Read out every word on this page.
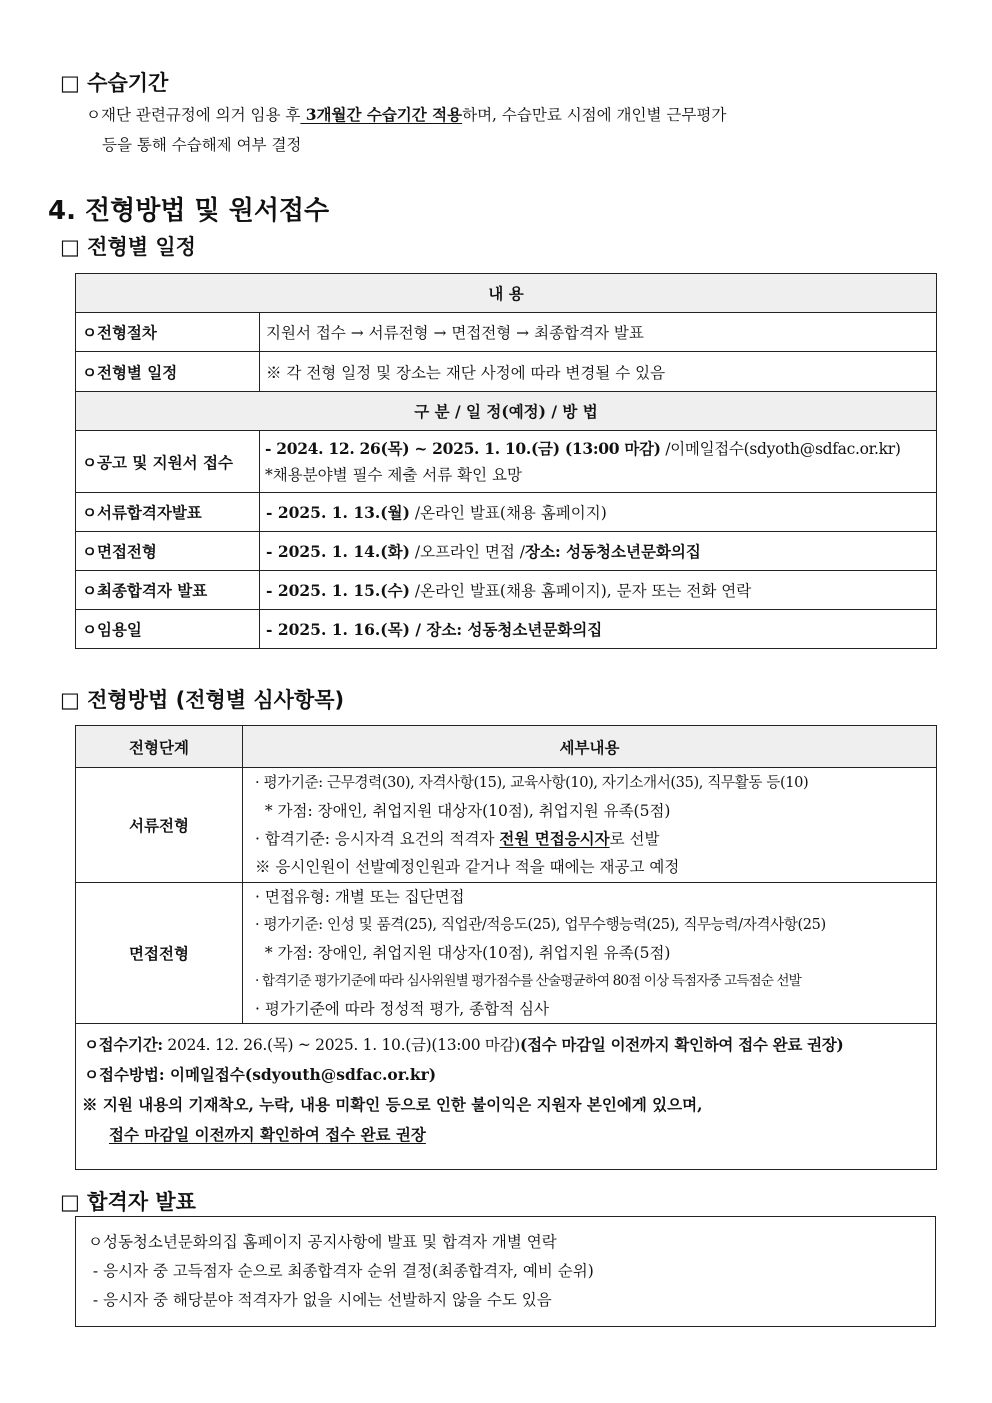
□ 수습기간
ㅇ재단 관련규정에 의거 임용 후 3개월간 수습기간 적용하며, 수습만료 시점에 개인별 근무평가
등을 통해 수습해제 여부 결정
4. 전형방법 및 원서접수
□ 전형별 일정
내 용	
ㅇ전형절차	지원서 접수 → 서류전형 → 면접전형 → 최종합격자 발표
ㅇ전형별 일정	※ 각 전형 일정 및 장소는 재단 사정에 따라 변경될 수 있음
구 분 / 일 정(예정) / 방 법	
ㅇ공고 및 지원서 접수	- 2024. 12. 26(목) ~ 2025. 1. 10.(금) (13:00 마감) /이메일접수(sdyoth@sdfac.or.kr)
*채용분야별 필수 제출 서류 확인 요망

ㅇ서류합격자발표	- 2025. 1. 13.(월) /온라인 발표(채용 홈페이지)
ㅇ면접전형	- 2025. 1. 14.(화) /오프라인 면접 /장소: 성동청소년문화의집
ㅇ최종합격자 발표	- 2025. 1. 15.(수) /온라인 발표(채용 홈페이지), 문자 또는 전화 연락
ㅇ임용일	- 2025. 1. 16.(목) / 장소: 성동청소년문화의집
□ 전형방법 (전형별 심사항목)
전형단계	세부내용
서류전형	· 평가기준: 근무경력(30), 자격사항(15), 교육사항(10), 자기소개서(35), 직무활동 등(10)
* 가점: 장애인, 취업지원 대상자(10점), 취업지원 유족(5점)
· 합격기준: 응시자격 요건의 적격자 전원 면접응시자로 선발
※ 응시인원이 선발예정인원과 같거나 적을 때에는 재공고 예정

면접전형	· 면접유형: 개별 또는 집단면접
· 평가기준: 인성 및 품격(25), 직업관/적응도(25), 업무수행능력(25), 직무능력/자격사항(25)
* 가점: 장애인, 취업지원 대상자(10점), 취업지원 유족(5점)
· 합격기준 평가기준에 따라 심사위원별 평가점수를 산술평균하여 80점 이상 득점자중 고득점순 선발
· 평가기준에 따라 정성적 평가, 종합적 심사

ㅇ접수기간: 2024. 12. 26.(목) ~ 2025. 1. 10.(금)(13:00 마감)(접수 마감일 이전까지 확인하여 접수 완료 권장)
ㅇ접수방법: 이메일접수(sdyouth@sdfac.or.kr)
※ 지원 내용의 기재착오, 누락, 내용 미확인 등으로 인한 불이익은 지원자 본인에게 있으며,
접수 마감일 이전까지 확인하여 접수 완료 권장	
□ 합격자 발표
ㅇ성동청소년문화의집 홈페이지 공지사항에 발표 및 합격자 개별 연락
- 응시자 중 고득점자 순으로 최종합격자 순위 결정(최종합격자, 예비 순위)
- 응시자 중 해당분야 적격자가 없을 시에는 선발하지 않을 수도 있음
